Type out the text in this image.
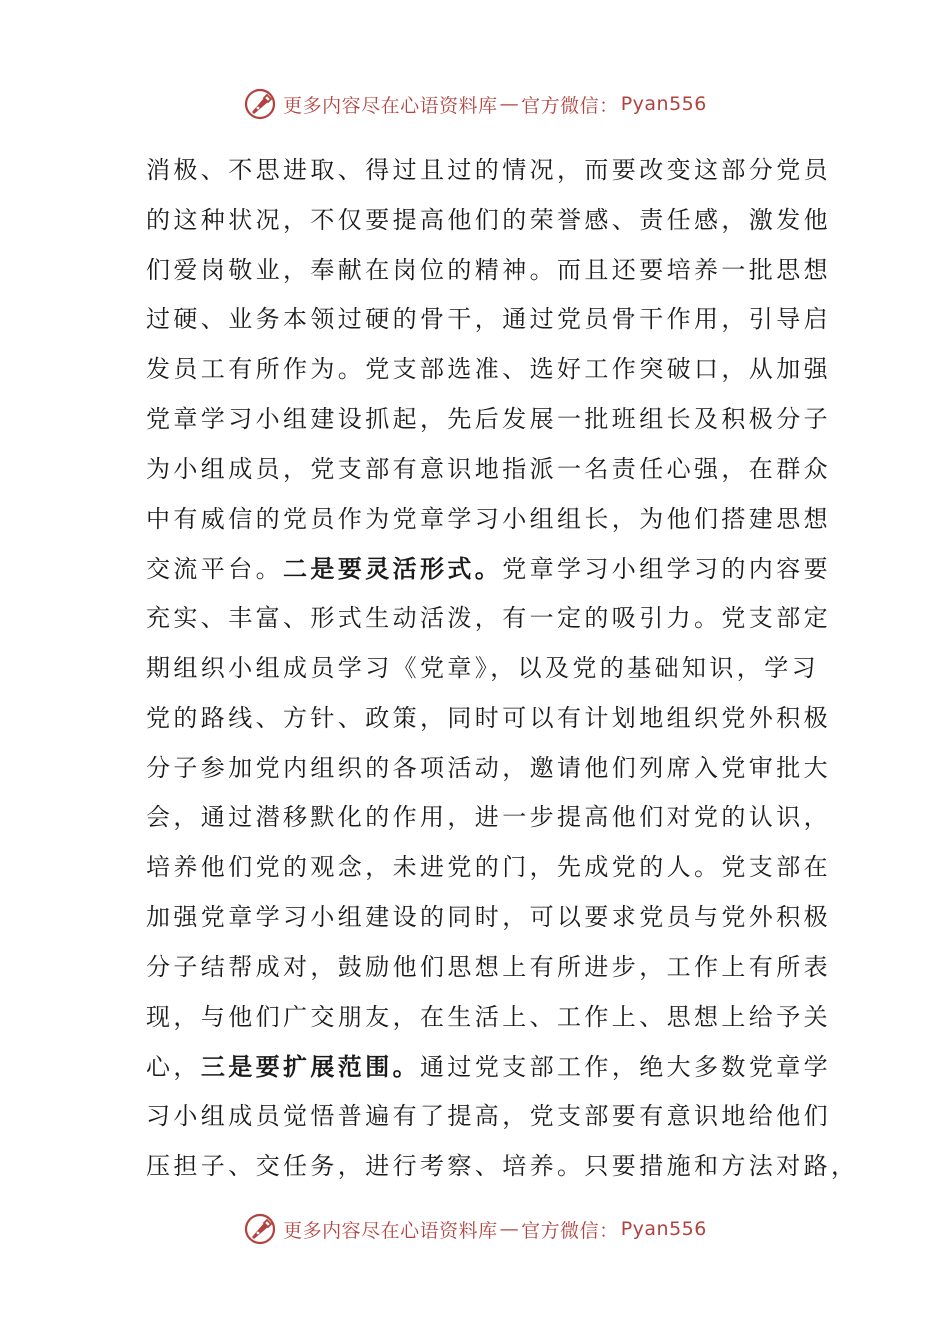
更多内容尽在心语资料库 — 官方微信： Pyan556
消极、不思进取、得过且过的情况，而要改变这部分党员
的这种状况，不仅要提高他们的荣誉感、责任感，激发他
们爱岗敬业，奉献在岗位的精神。而且还要培养一批思想
过硬、业务本领过硬的骨干，通过党员骨干作用，引导启
发员工有所作为。党支部选准、选好工作突破口，从加强
党章学习小组建设抓起，先后发展一批班组长及积极分子
为小组成员，党支部有意识地指派一名责任心强，在群众
中有威信的党员作为党章学习小组组长，为他们搭建思想
交流平台。二是要灵活形式。党章学习小组学习的内容要
充实、丰富、形式生动活泼，有一定的吸引力。党支部定
期组织小组成员学习《党章》，以及党的基础知识，学习
党的路线、方针、政策，同时可以有计划地组织党外积极
分子参加党内组织的各项活动，邀请他们列席入党审批大
会，通过潜移默化的作用，进一步提高他们对党的认识，
培养他们党的观念，未进党的门，先成党的人。党支部在
加强党章学习小组建设的同时，可以要求党员与党外积极
分子结帮成对，鼓励他们思想上有所进步，工作上有所表
现，与他们广交朋友，在生活上、工作上、思想上给予关
心，三是要扩展范围。通过党支部工作，绝大多数党章学
习小组成员觉悟普遍有了提高，党支部要有意识地给他们
压担子、交任务，进行考察、培养。只要措施和方法对路，
更多内容尽在心语资料库 — 官方微信： Pyan556
